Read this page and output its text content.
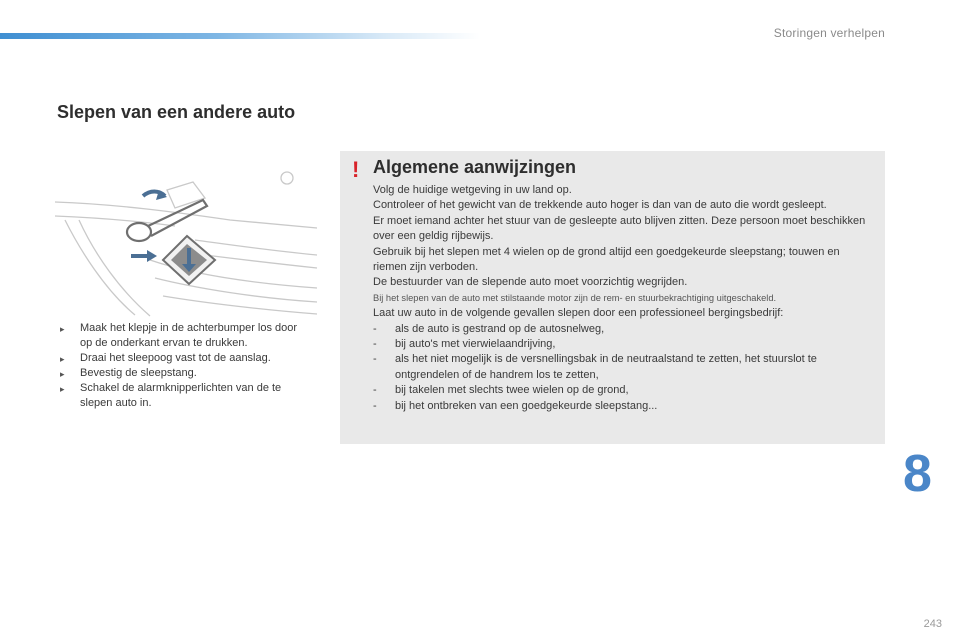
Storingen verhelpen
Slepen van een andere auto
▸ Maak het klepje in de achterbumper los door op de onderkant ervan te drukken.
▸ Draai het sleepoog vast tot de aanslag.
▸ Bevestig de sleepstang.
▸ Schakel de alarmknipperlichten van de te slepen auto in.
! Algemene aanwijzingen

Volg de huidige wetgeving in uw land op.

Controleer of het gewicht van de trekkende auto hoger is dan van de auto die wordt gesleept.

Er moet iemand achter het stuur van de gesleepte auto blijven zitten. Deze persoon moet beschikken over een geldig rijbewijs.

Gebruik bij het slepen met 4 wielen op de grond altijd een goedgekeurde sleepstang; touwen en riemen zijn verboden.

De bestuurder van de slepende auto moet voorzichtig wegrijden.

Bij het slepen van de auto met stilstaande motor zijn de rem- en stuurbekrachtiging uitgeschakeld.

Laat uw auto in de volgende gevallen slepen door een professioneel bergingsbedrijf:

- als de auto is gestrand op de autosnelweg,
- bij auto's met vierwielaandrijving,
- als het niet mogelijk is de versnellingsbak in de neutraalstand te zetten, het stuurslot te ontgrendelen of de handrem los te zetten,
- bij takelen met slechts twee wielen op de grond,
- bij het ontbreken van een goedgekeurde sleepstang...
8
243
